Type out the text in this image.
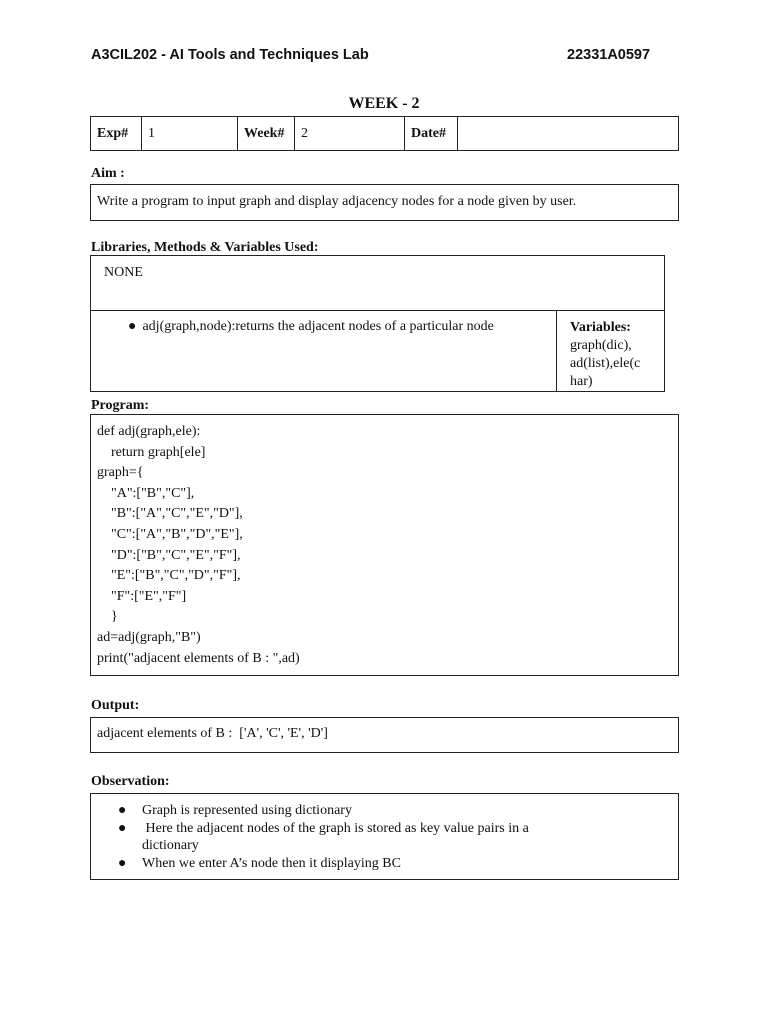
A3CIL202 - AI Tools and Techniques Lab	22331A0597
WEEK - 2
Exp#	1	Week#	2	Date#	
Aim :
Write a program to input graph and display adjacency nodes for a node given by user.
Libraries, Methods & Variables Used:
NONE
● adj(graph,node):returns the adjacent nodes of a particular node	Variables:
graph(dic),
ad(list),ele(c
har)
Program:
def adj(graph,ele):
return graph[ele]
graph={
"A":["B","C"],
"B":["A","C","E","D"],
"C":["A","B","D","E"],
"D":["B","C","E","F"],
"E":["B","C","D","F"],
"F":["E","F"]
}
ad=adj(graph,"B")
print("adjacent elements of B : ",ad)
Output:
adjacent elements of B :  ['A', 'C', 'E', 'D']
Observation:
●	Graph is represented using dictionary
●	Here the adjacent nodes of the graph is stored as key value pairs in a dictionary
●	When we enter A’s node then it displaying BC
